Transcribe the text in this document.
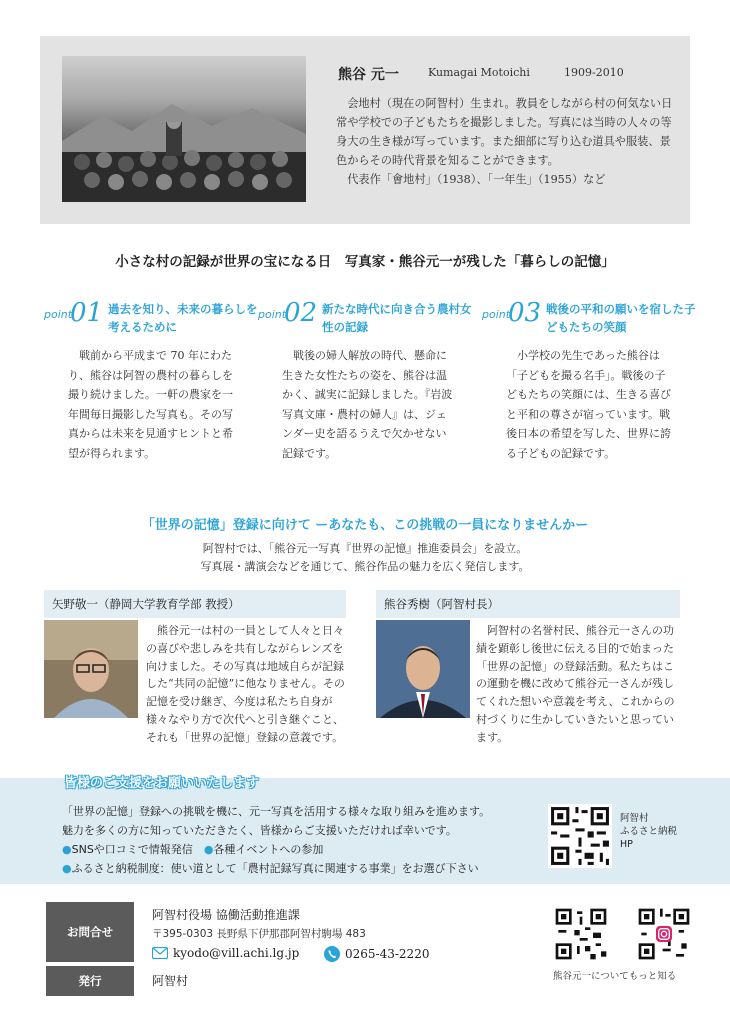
熊谷 元一	Kumagai Motoichi	1909-2010

会地村（現在の阿智村）生まれ。教員をしながら村の何気ない日常や学校での子どもたちを撮影しました。写真には当時の人々の等身大の生き様が写っています。また細部に写り込む道具や服装、景色からその時代背景を知ることができます。

代表作「會地村」（1938）、「一年生」（1955）など

小さな村の記録が世界の宝になる日　写真家・熊谷元一が残した「暮らしの記憶」
point
01 過去を知り、未来の暮らしを考えるために
戦前から平成まで 70 年にわたり、熊谷は阿智の農村の暮らしを撮り続けました。一軒の農家を一年間毎日撮影した写真も。その写真からは未来を見通すヒントと希望が得られます。
point
02 新たな時代に向き合う農村女性の記録
戦後の婦人解放の時代、懸命に生きた女性たちの姿を、熊谷は温かく、誠実に記録しました。『岩波写真文庫・農村の婦人』は、ジェンダー史を語るうえで欠かせない記録です。
point
03 戦後の平和の願いを宿した子どもたちの笑顔
小学校の先生であった熊谷は「子どもを撮る名手」。戦後の子どもたちの笑顔には、生きる喜びと平和の尊さが宿っています。戦後日本の希望を写した、世界に誇る子どもの記録です。
「世界の記憶」登録に向けて ーあなたも、この挑戦の一員になりませんかー
阿智村では、「熊谷元一写真『世界の記憶』推進委員会」を設立。
写真展・講演会などを通じて、熊谷作品の魅力を広く発信します。
矢野敬一（静岡大学教育学部 教授）
熊谷元一は村の一員として人々と日々の喜びや悲しみを共有しながらレンズを向けました。その写真は地域自らが記録した“共同の記憶”に他なりません。その記憶を受け継ぎ、今度は私たち自身が様々なやり方で次代へと引き継ぐこと、それも「世界の記憶」登録の意義です。
熊谷秀樹（阿智村長）
阿智村の名誉村民、熊谷元一さんの功績を顕彰し後世に伝える目的で始まった「世界の記憶」の登録活動。私たちはこの運動を機に改めて熊谷元一さんが残してくれた想いや意義を考え、これからの村づくりに生かしていきたいと思っています。
皆様のご支援をお願いいたします
「世界の記憶」登録への挑戦を機に、元一写真を活用する様々な取り組みを進めます。
魅力を多くの方に知っていただきたく、皆様からご支援いただければ幸いです。
●SNSや口コミで情報発信　 ●各種イベントへの参加
●ふるさと納税制度：使い道として「農村記録写真に関連する事業」をお選び下さい
阿智村
ふるさと納税
HP
お問合せ
阿智村役場 協働活動推進課
〒395-0303 長野県下伊那郡阿智村駒場 483
kyodo@vill.achi.lg.jp	0265-43-2220
発行	阿智村	熊谷元一についてもっと知る
